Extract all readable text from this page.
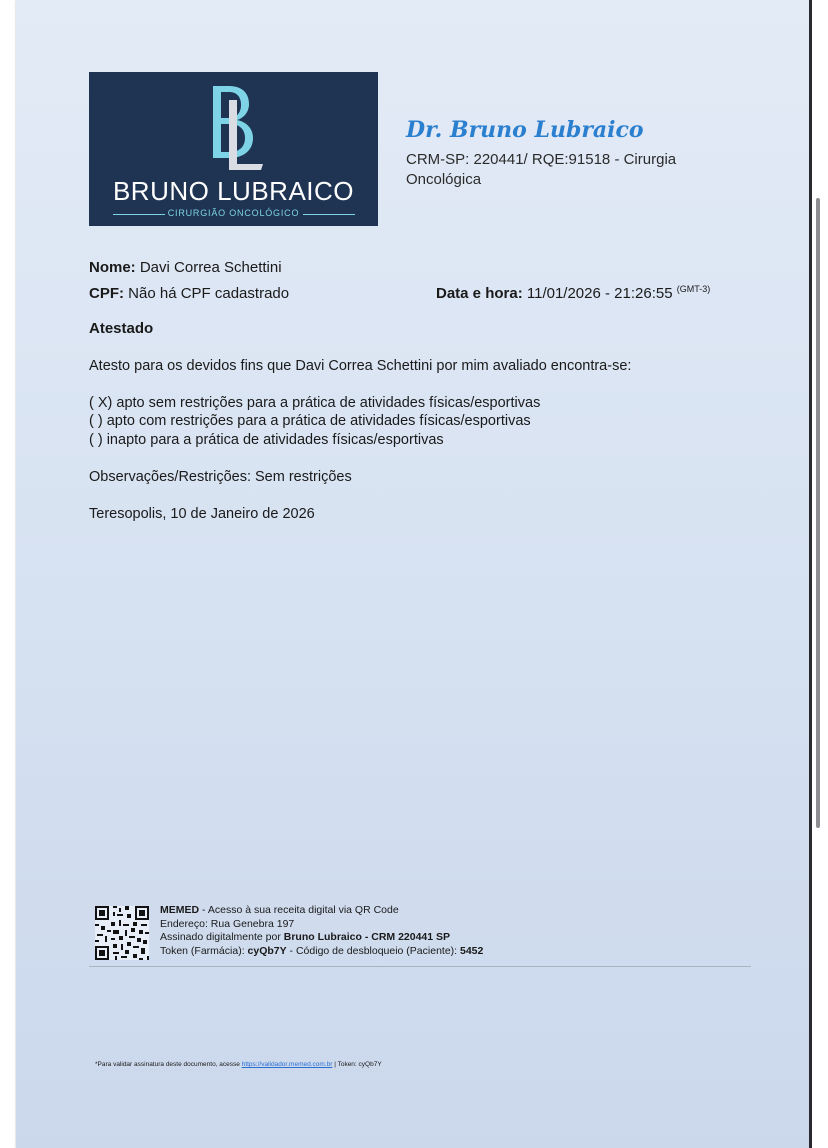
BRUNO LUBRAICO
CIRURGIÃO ONCOLÓGICO
Dr. Bruno Lubraico
CRM-SP: 220441/ RQE:91518 - Cirurgia Oncológica
Nome: Davi Correa Schettini
CPF: Não há CPF cadastrado	Data e hora: 11/01/2026 - 21:26:55 $^{(GMT-3)}$
Atestado
Atesto para os devidos fins que Davi Correa Schettini por mim avaliado encontra-se:
( X) apto sem restrições para a prática de atividades físicas/esportivas
( ) apto com restrições para a prática de atividades físicas/esportivas
( ) inapto para a prática de atividades físicas/esportivas
Observações/Restrições: Sem restrições
Teresopolis, 10 de Janeiro de 2026
MEMED - Acesso à sua receita digital via QR Code
Endereço: Rua Genebra 197
Assinado digitalmente por Bruno Lubraico - CRM 220441 SP
Token (Farmácia): cyQb7Y - Código de desbloqueio (Paciente): 5452
*Para validar assinatura deste documento, acesse https://validador.memed.com.br | Token: cyQb7Y
